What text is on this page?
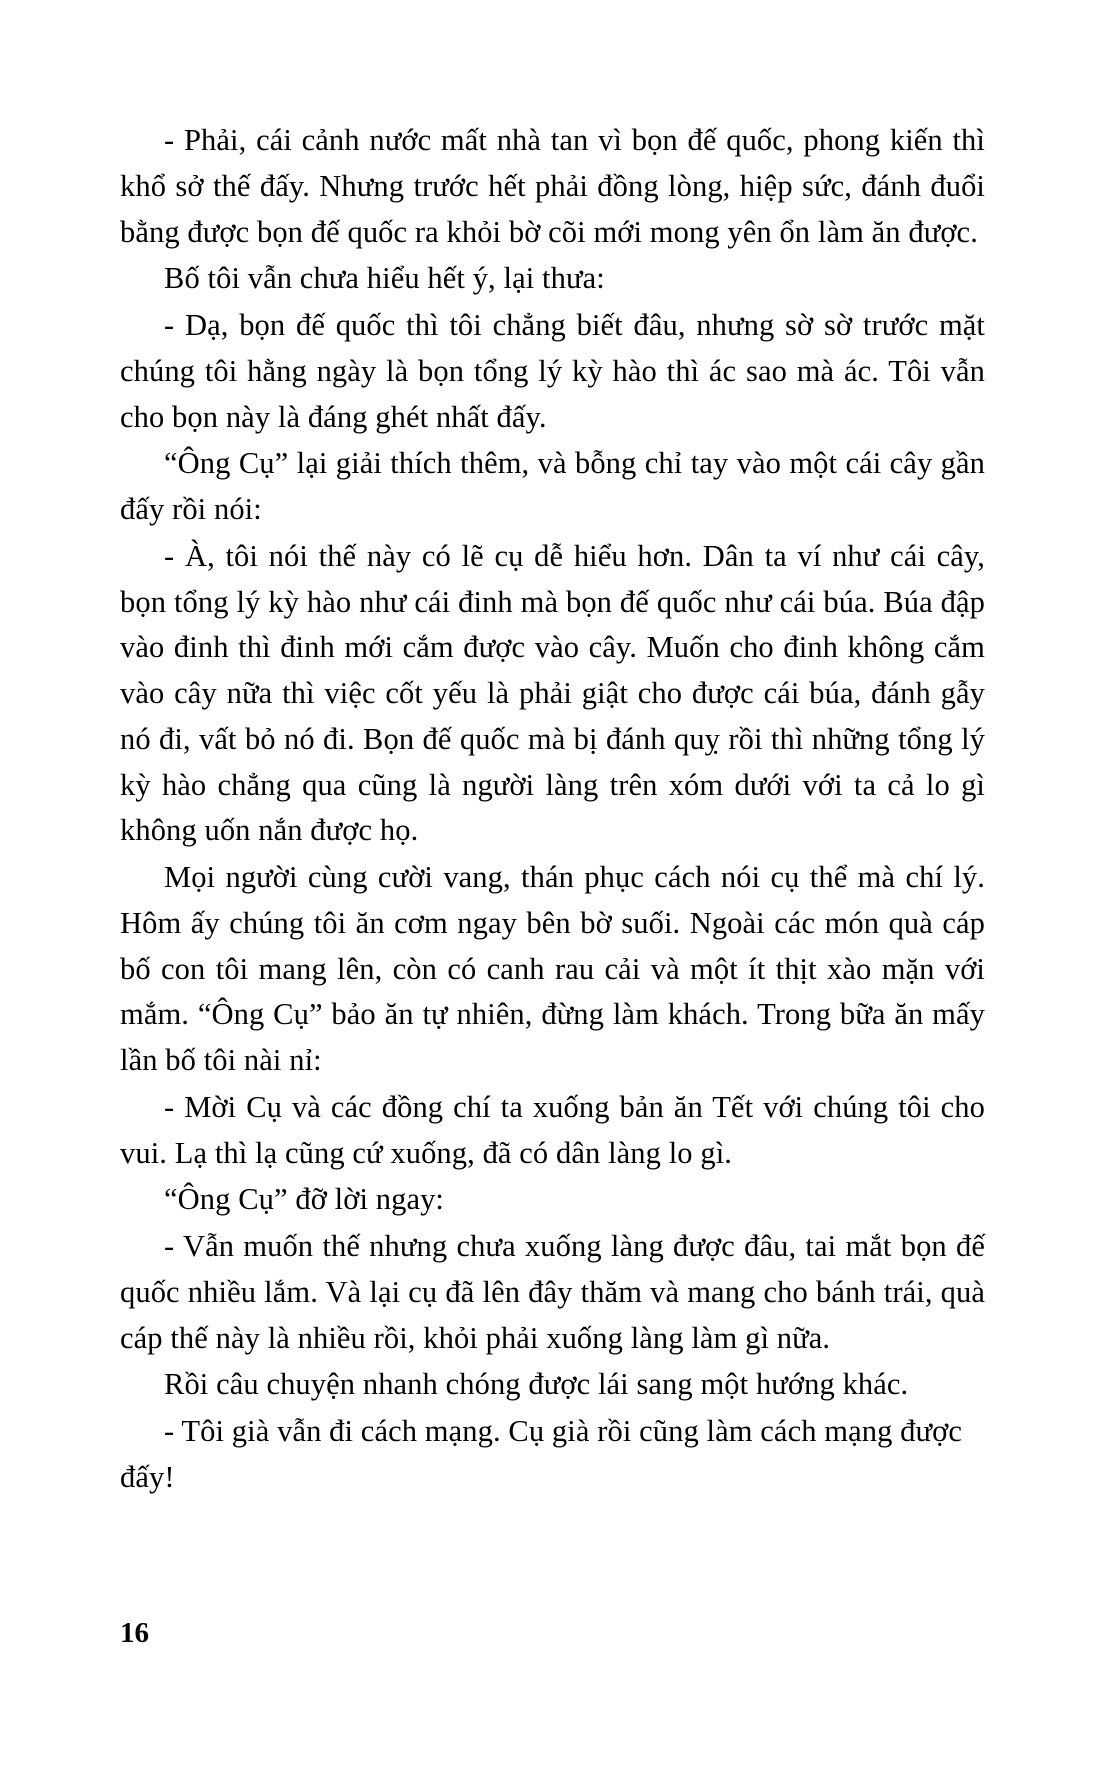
- Phải, cái cảnh nước mất nhà tan vì bọn đế quốc, phong kiến thì khổ sở thế đấy. Nhưng trước hết phải đồng lòng, hiệp sức, đánh đuổi bằng được bọn đế quốc ra khỏi bờ cõi mới mong yên ổn làm ăn được.

Bố tôi vẫn chưa hiểu hết ý, lại thưa:

- Dạ, bọn đế quốc thì tôi chẳng biết đâu, nhưng sờ sờ trước mặt chúng tôi hằng ngày là bọn tổng lý kỳ hào thì ác sao mà ác. Tôi vẫn cho bọn này là đáng ghét nhất đấy.

“Ông Cụ” lại giải thích thêm, và bỗng chỉ tay vào một cái cây gần đấy rồi nói:

- À, tôi nói thế này có lẽ cụ dễ hiểu hơn. Dân ta ví như cái cây, bọn tổng lý kỳ hào như cái đinh mà bọn đế quốc như cái búa. Búa đập vào đinh thì đinh mới cắm được vào cây. Muốn cho đinh không cắm vào cây nữa thì việc cốt yếu là phải giật cho được cái búa, đánh gẫy nó đi, vất bỏ nó đi. Bọn đế quốc mà bị đánh quỵ rồi thì những tổng lý kỳ hào chẳng qua cũng là người làng trên xóm dưới với ta cả lo gì không uốn nắn được họ.

Mọi người cùng cười vang, thán phục cách nói cụ thể mà chí lý. Hôm ấy chúng tôi ăn cơm ngay bên bờ suối. Ngoài các món quà cáp bố con tôi mang lên, còn có canh rau cải và một ít thịt xào mặn với mắm. “Ông Cụ” bảo ăn tự nhiên, đừng làm khách. Trong bữa ăn mấy lần bố tôi nài nỉ:

- Mời Cụ và các đồng chí ta xuống bản ăn Tết với chúng tôi cho vui. Lạ thì lạ cũng cứ xuống, đã có dân làng lo gì.

“Ông Cụ” đỡ lời ngay:

- Vẫn muốn thế nhưng chưa xuống làng được đâu, tai mắt bọn đế quốc nhiều lắm. Và lại cụ đã lên đây thăm và mang cho bánh trái, quà cáp thế này là nhiều rồi, khỏi phải xuống làng làm gì nữa.

Rồi câu chuyện nhanh chóng được lái sang một hướng khác.

- Tôi già vẫn đi cách mạng. Cụ già rồi cũng làm cách mạng được đấy!

16
